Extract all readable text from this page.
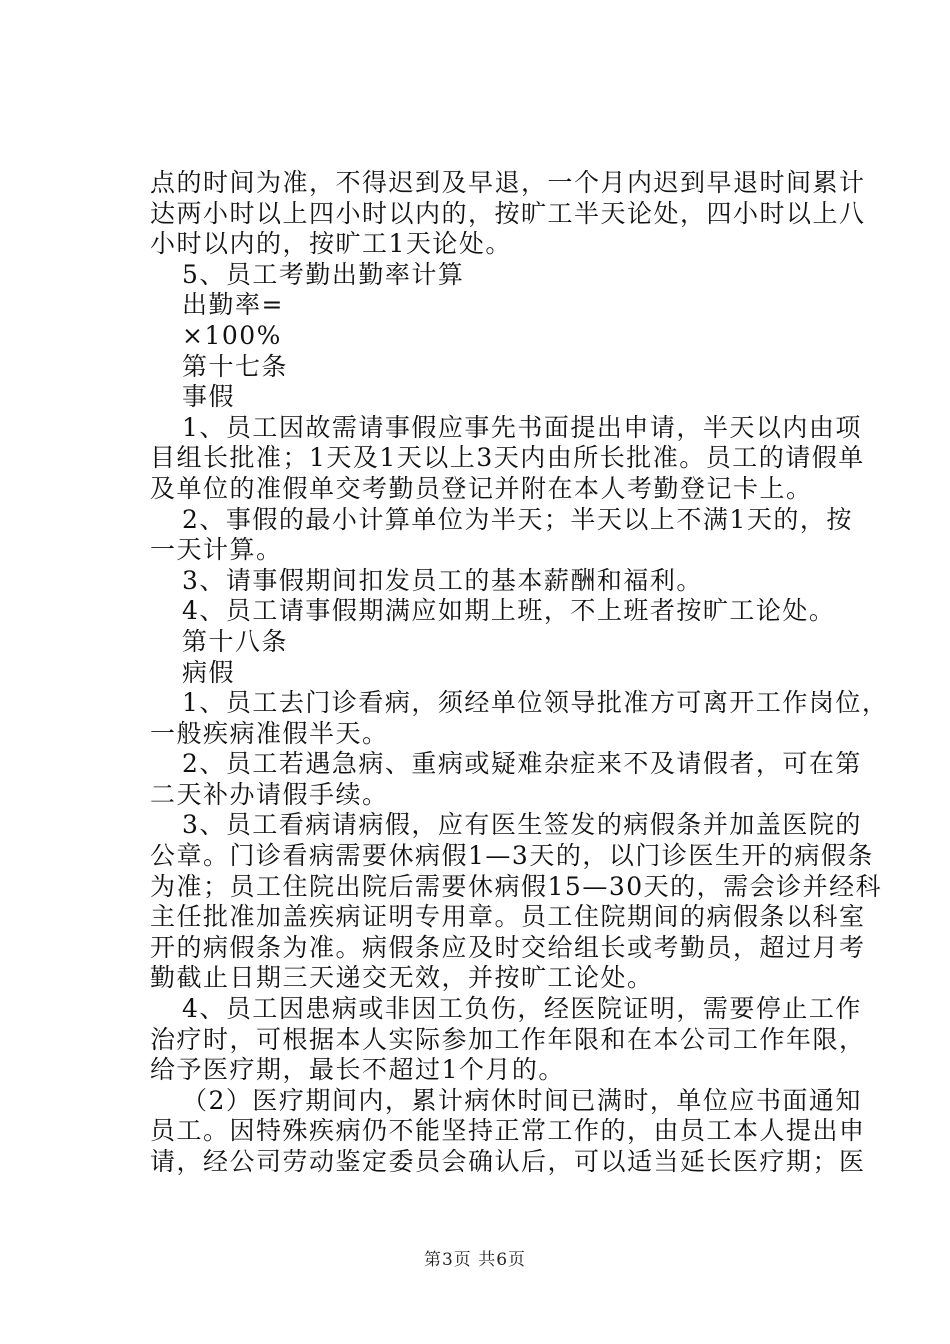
点的时间为准，不得迟到及早退，一个月内迟到早退时间累计
达两小时以上四小时以内的，按旷工半天论处，四小时以上八
小时以内的，按旷工1天论处。
5、员工考勤出勤率计算
出勤率=
×100%
第十七条
事假
1、员工因故需请事假应事先书面提出申请，半天以内由项
目组长批准；1天及1天以上3天内由所长批准。员工的请假单
及单位的准假单交考勤员登记并附在本人考勤登记卡上。
2、事假的最小计算单位为半天；半天以上不满1天的，按
一天计算。
3、请事假期间扣发员工的基本薪酬和福利。
4、员工请事假期满应如期上班，不上班者按旷工论处。
第十八条
病假
1、员工去门诊看病，须经单位领导批准方可离开工作岗位，
一般疾病准假半天。
2、员工若遇急病、重病或疑难杂症来不及请假者，可在第
二天补办请假手续。
3、员工看病请病假，应有医生签发的病假条并加盖医院的
公章。门诊看病需要休病假1—3天的，以门诊医生开的病假条
为准；员工住院出院后需要休病假15—30天的，需会诊并经科
主任批准加盖疾病证明专用章。员工住院期间的病假条以科室
开的病假条为准。病假条应及时交给组长或考勤员，超过月考
勤截止日期三天递交无效，并按旷工论处。
4、员工因患病或非因工负伤，经医院证明，需要停止工作
治疗时，可根据本人实际参加工作年限和在本公司工作年限，
给予医疗期，最长不超过1个月的。
（2）医疗期间内，累计病休时间已满时，单位应书面通知
员工。因特殊疾病仍不能坚持正常工作的，由员工本人提出申
请，经公司劳动鉴定委员会确认后，可以适当延长医疗期；医
第3页 共6页
